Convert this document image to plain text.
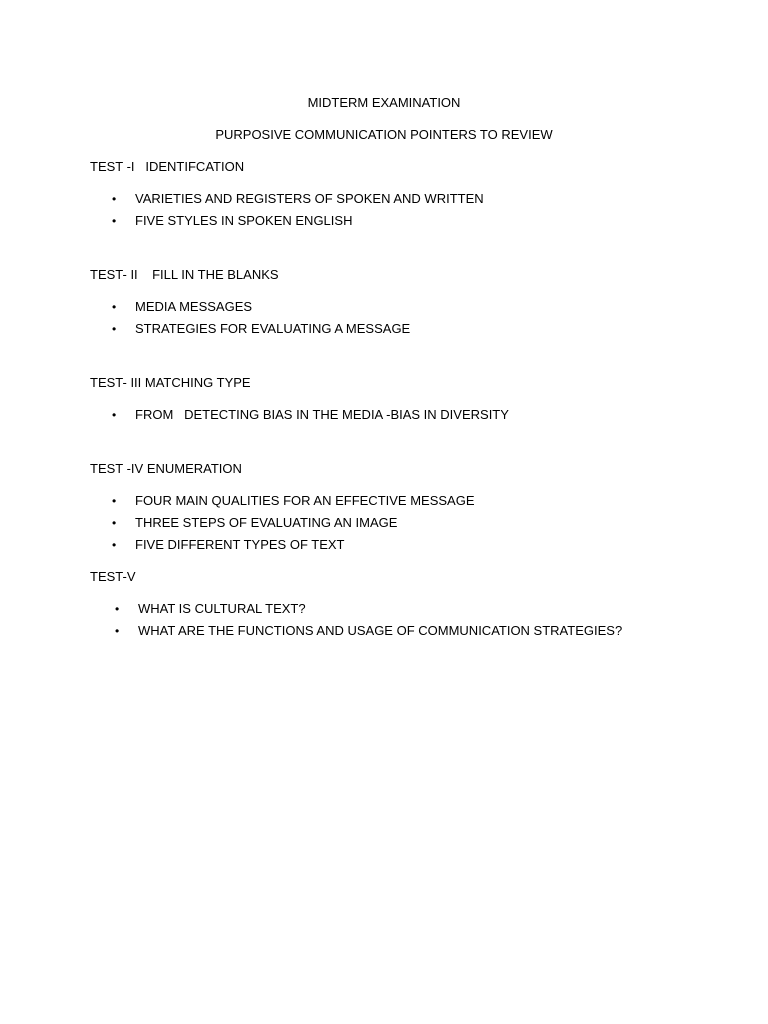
MIDTERM EXAMINATION
PURPOSIVE COMMUNICATION POINTERS TO REVIEW
TEST -I   IDENTIFCATION
• VARIETIES AND REGISTERS OF SPOKEN AND WRITTEN
• FIVE STYLES IN SPOKEN ENGLISH
TEST- II    FILL IN THE BLANKS
• MEDIA MESSAGES
• STRATEGIES FOR EVALUATING A MESSAGE
TEST- III MATCHING TYPE
• FROM   DETECTING BIAS IN THE MEDIA -BIAS IN DIVERSITY
TEST -IV ENUMERATION
• FOUR MAIN QUALITIES FOR AN EFFECTIVE MESSAGE
• THREE STEPS OF EVALUATING AN IMAGE
• FIVE DIFFERENT TYPES OF TEXT
TEST-V
• WHAT IS CULTURAL TEXT?
• WHAT ARE THE FUNCTIONS AND USAGE OF COMMUNICATION STRATEGIES?
